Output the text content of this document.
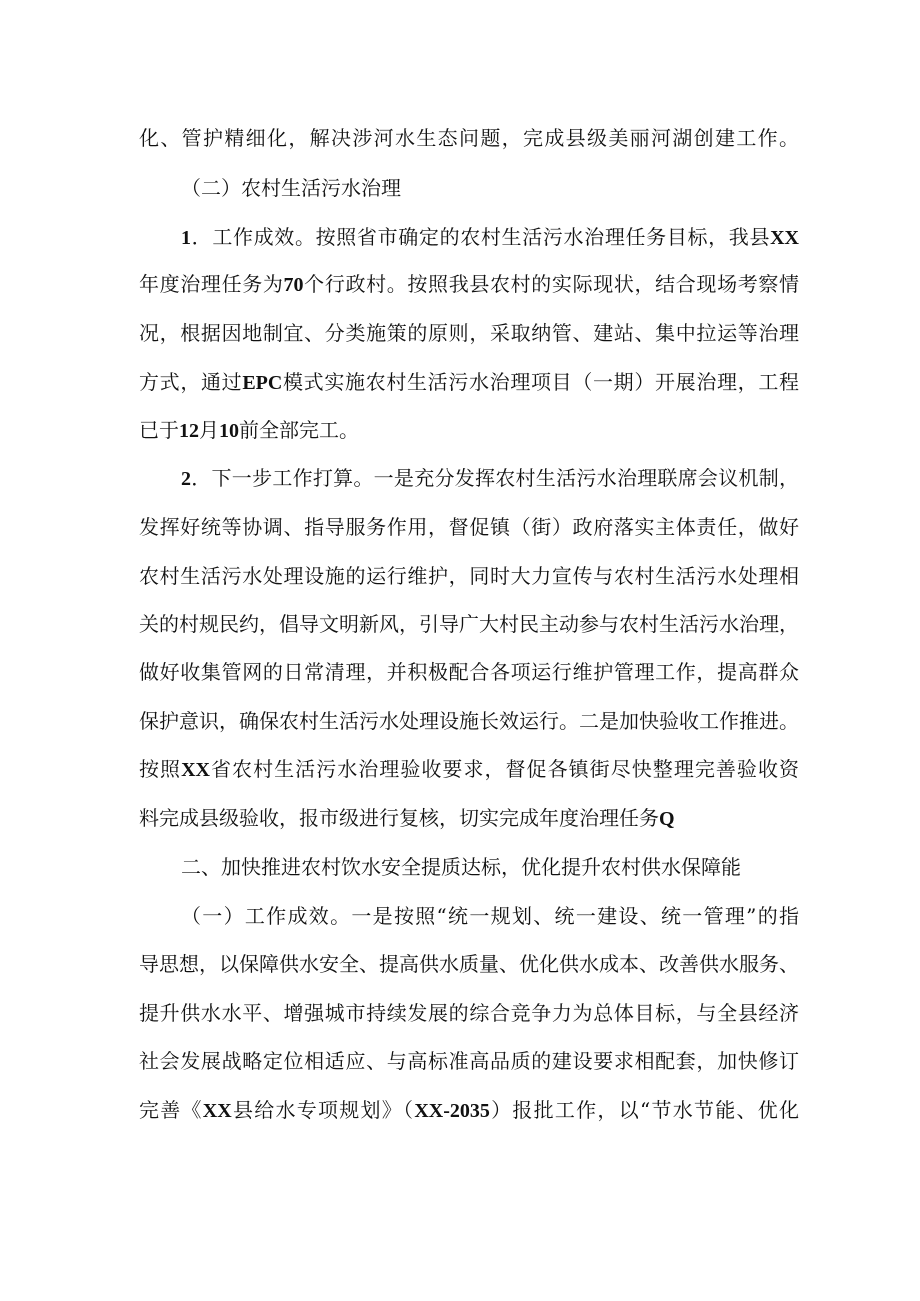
化、管护精细化，解决涉河水生态问题，完成县级美丽河湖创建工作。
（二）农村生活污水治理
1．工作成效。按照省市确定的农村生活污水治理任务目标，我县XX
年度治理任务为70个行政村。按照我县农村的实际现状，结合现场考察情
况，根据因地制宜、分类施策的原则，采取纳管、建站、集中拉运等治理
方式，通过EPC模式实施农村生活污水治理项目（一期）开展治理，工程
已于12月10前全部完工。
2．下一步工作打算。一是充分发挥农村生活污水治理联席会议机制，
发挥好统等协调、指导服务作用，督促镇（街）政府落实主体责任，做好
农村生活污水处理设施的运行维护，同时大力宣传与农村生活污水处理相
关的村规民约，倡导文明新风，引导广大村民主动参与农村生活污水治理，
做好收集管网的日常清理，并积极配合各项运行维护管理工作，提高群众
保护意识，确保农村生活污水处理设施长效运行。二是加快验收工作推进。
按照XX省农村生活污水治理验收要求，督促各镇街尽快整理完善验收资
料完成县级验收，报市级进行复核，切实完成年度治理任务Q
二、加快推进农村饮水安全提质达标，优化提升农村供水保障能
（一）工作成效。一是按照“统一规划、统一建设、统一管理”的指
导思想，以保障供水安全、提高供水质量、优化供水成本、改善供水服务、
提升供水水平、增强城市持续发展的综合竞争力为总体目标，与全县经济
社会发展战略定位相适应、与高标准高品质的建设要求相配套，加快修订
完善《XX县给水专项规划》（XX-2035）报批工作，以“节水节能、优化
